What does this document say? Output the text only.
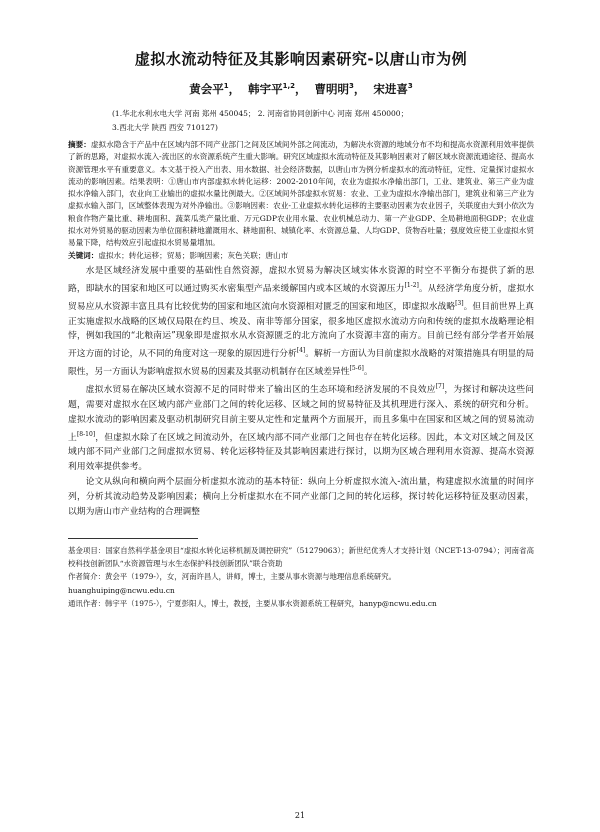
虚拟水流动特征及其影响因素研究-以唐山市为例
黄会平$^1$， 韩宇平$^{1,2}$， 曹明明$^3$， 宋进喜$^3$
(1.华北水利水电大学 河南 郑州 450045； 2. 河南省协同创新中心 河南 郑州 450000；
3.西北大学 陕西 西安 710127)
摘要：虚拟水隐含于产品中在区域内部不同产业部门之间及区域间外部之间流动，为解决水资源的地域分布不均和提高水资源利用效率提供了新的思路，对虚拟水流入-流出区的水资源系统产生重大影响。研究区域虚拟水流动特征及其影响因素对了解区域水资源流通途径、提高水资源管理水平有重要意义。本文基于投入产出表、用水数据、社会经济数据，以唐山市为例分析虚拟水的流动特征，定性、定量探讨虚拟水流动的影响因素。结果表明：①唐山市内部虚拟水转化运移：2002-2010年间，农业为虚拟水净输出部门，工业、建筑业、第三产业为虚拟水净输入部门，农业向工业输出的虚拟水量比例最大。②区域间外部虚拟水贸易：农业、工业为虚拟水净输出部门，建筑业和第三产业为虚拟水输入部门，区域整体表现为对外净输出。③影响因素：农业-工业虚拟水转化运移的主要驱动因素为农业因子，关联度由大到小依次为粮食作物产量比重、耕地面积、蔬菜瓜类产量比重、万元GDP农业用水量、农业机械总动力、第一产业GDP、全局耕地面积GDP；农业虚拟水对外贸易的驱动因素为单位面积耕地灌溉用水、耕地面积、城镇化率、水资源总量、人均GDP、货物吞吐量；强度效应使工业虚拟水贸易量下降，结构效应引起虚拟水贸易量增加。
关键词：虚拟水；转化运移；贸易；影响因素；灰色关联；唐山市

水是区域经济发展中重要的基础性自然资源，虚拟水贸易为解决区域实体水资源的时空不平衡分布提供了新的思路，即缺水的国家和地区可以通过购买水密集型产品来缓解国内或本区域的水资源压力[1-2]。从经济学角度分析，虚拟水贸易应从水资源丰富且具有比较优势的国家和地区流向水资源相对匮乏的国家和地区，即虚拟水战略[3]。但目前世界上真正实施虚拟水战略的区域仅局限在约旦、埃及、南非等部分国家，很多地区虚拟水流动方向和传统的虚拟水战略理论相悖，例如我国的“北粮南运”现象即是虚拟水从水资源匮乏的北方流向了水资源丰富的南方。目前已经有部分学者开始展开这方面的讨论，从不同的角度对这一现象的原因进行分析[4]。解析一方面认为目前虚拟水战略的对策措施具有明显的局限性，另一方面认为影响虚拟水贸易的因素及其驱动机制存在区域差异性[5-6]。

虚拟水贸易在解决区域水资源不足的同时带来了输出区的生态环境和经济发展的不良效应[7]，为探讨和解决这些问题，需要对虚拟水在区域内部产业部门之间的转化运移、区域之间的贸易特征及其机理进行深入、系统的研究和分析。虚拟水流动的影响因素及驱动机制研究目前主要从定性和定量两个方面展开，而且多集中在国家和区域之间的贸易流动上[8-10]，但虚拟水除了在区域之间流动外，在区域内部不同产业部门之间也存在转化运移。因此，本文对区域之间及区域内部不同产业部门之间虚拟水贸易、转化运移特征及其影响因素进行探讨，以期为区域合理利用水资源、提高水资源利用效率提供参考。

论文从纵向和横向两个层面分析虚拟水流动的基本特征：纵向上分析虚拟水流入-流出量，构建虚拟水流量的时间序列，分析其流动趋势及影响因素；横向上分析虚拟水在不同产业部门之间的转化运移，探讨转化运移特征及驱动因素，以期为唐山市产业结构的合理调整

基金项目：国家自然科学基金项目“虚拟水转化运移机制及调控研究”（51279063）；新世纪优秀人才支持计划（NCET-13-0794）；河南省高校科技创新团队“水资源管理与水生态保护科技创新团队”联合资助

作者简介：黄会平（1979-），女，河南许昌人，讲师，博士，主要从事水资源与地理信息系统研究。

huanghuiping@ncwu.edu.cn

通讯作者：韩宇平（1975-），宁夏彭阳人，博士，教授，主要从事水资源系统工程研究，hanyp@ncwu.edu.cn

21
